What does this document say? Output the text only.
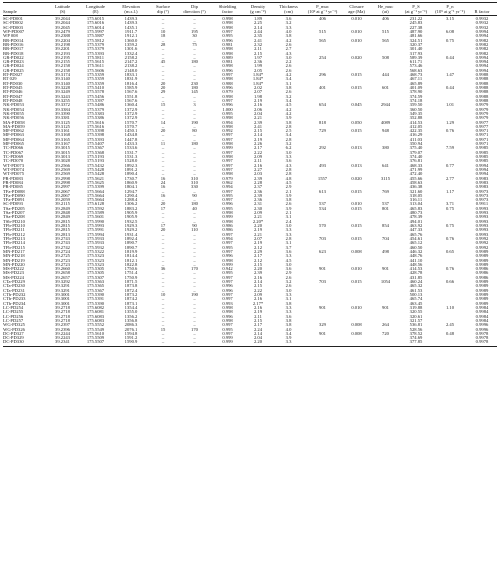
Sample	Latitude	Longitude	Elevation	Surface	Dip	Shielding	Density	Thickness	P_muc	Closure	He_muc	P_S	P_n	R factor
	(S)	(E)	(m.s.l.)	dip (°)	direction (°)	factor	(g cm⁻³)	(cm)	(10² at g⁻¹ yr⁻¹)	age (Ma)	(at)	(at g⁻¹ yr⁻¹)	(10⁵ at g⁻¹ yr⁻¹)	

SC-PD001	39.2044	175.6015	1439.3	–	–	0.998	1.89	3.6	406	0.010	406	231.22	3.15	0.9932
SC-PD002	39.2044	175.6016	1439.3	–	–	0.998	2.25	3.2				245.83		0.9932
SC-PD003	39.2045	175.6014	1435.1	–	–	0.998	2.14	3.3				227.38		0.9932
WP-PD007	39.2479	175.5997	1911.7	10	195	0.997	2.44	4.0	515	0.010	515	487.90	6.08	0.9994
WP 008	39.2388	175.5887	1912.1	18	30	0.995	2.35	3.8				481.66		0.9994
BR-PD014	39.2204	175.5812	1360.0	–	–	0.996	2.41	4.2	565	0.010	565	324.51	0.75	0.9982
BR-PD016	39.2198	175.5379	1359.2	28	75	0.981	2.32	2.6				320.37		0.9982
BR-PD017	39.2201	175.5379	1301.6	–	–	0.998	2.11	2.7				301.40		0.9982
BR-PD018	39.2193	175.5393	1332.4	–	–	0.998	2.15	4.3				317.93		0.9982
GR-PD022	39.2195	175.5811	2158.2	–	–	0.989	1.97	3.0	254	0.020	508	589.39	0.44	0.9994
GR-PD023	39.2155	175.5615	2147.2	45	180	0.981	2.36	2.2				611.71		0.9994
GR-PD024	39.2158	175.5611	2138.2	–	–	0.998	1.99	2.6				573.46		0.9994
GR-PD025	39.2158	175.5606	2148.0	–	–	0.996	2.05	2.6				568.63		0.9994
RT-PD027	39.3174	175.5359	1833.1	–	–	0.997	1.84*	4.2	296	0.015	444	468.73	1.47	0.9988
RT 029	39.3140	175.5359	1831.9	–	–	0.998	1.84*	3.4				467.11		0.9988
RT-PD030	39.3140	175.5359	1816.4	20	230	0.988	1.84*	3.1				465.89		0.9988
RT-PD045	39.3228	175.5410	1585.9	20	180	0.996	2.02	3.8	401	0.015	601	401.09	0.44	0.9988
RT-PD046	39.3249	175.5578	1567.6	29	145	0.979	2.07	2.6				378.90		0.9988
RT-PD047	39.3243	175.5456	1551.8	–	–	0.998	1.98	3.2				374.59		0.9988
RT-PD048	39.3255	175.5397	1567.6	–	–	0.997	2.19	3.4				374.18		0.9988
NK-PD053	39.3372	175.5486	1360.4	15	3	0.996	2.16	4.5	654	0.045	2944	359.50	1.01	0.9979
NK-PD054	39.3384	175.5379	1372.9	–	–	1.000	2.06	4.2				360.50		0.9979
NK-PD055	39.3390	175.5383	1372.9	–	–	0.995	2.04	4.2				349.35		0.9979
NK-PD056	39.3381	175.5386	1372.9	–	–	0.998	2.21	3.9				352.88		0.9979
MA-PD058	39.3125	175.5616	1570.7	14	190	0.994	2.39	3.8	818	0.050	4089	414.53	1.29	0.9977
MA-PD059	39.3125	175.5616	1570.7	–	–	0.998	2.41	2.8				412.05		0.9977
MF-PD062	39.3161	175.5398	1450.1	20	80	0.992	2.15	2.5	729	0.015	948	422.35	0.76	0.9971
MF-PD063	39.3168	175.5398	1434.8	–	–	0.997	2.14	3.4				416.29		0.9971
MF-PD064	39.3165	175.5393	1447.8	–	–	0.997	2.19	2.8				411.03		0.9971
MF-PD065	39.3167	175.5407	1433.3	11	180	0.998	2.26	3.2				350.94		0.9971
TC-PD066	39.3015	175.5367	1533.6	–	–	0.999	2.17	6.2	292	0.013	380	375.40	7.59	0.9985
TC-PD067	39.3015	175.5368	1531.7	–	–	0.997	2.22	3.0				379.07		0.9985
TC-PD069	39.3013	175.5193	1531.3	–	–	0.998	2.09	3.3				374.40		0.9985
TC-PD070	39.3028	175.5193	1528.0	–	–	0.997	2.11	3.6				376.81		0.9985
WT-PD073	39.2566	175.5432	1892.3	–	–	0.997	2.16	4.3	493	0.013	641	468.33	0.77	0.9994
WT-PD074	39.2569	175.5428	1891.2	–	–	0.997	2.27	2.8				471.99		0.9994
WT-PD075	39.2569	175.5428	1890.4	–	–	0.998	2.03	2.8				472.40		0.9994
PR-PD083	39.2998	175.5621	1730.7	16	310	0.979	2.39	4.8	1557	0.020	3115	455.66	2.77	0.9983
PR-PD084	39.2998	175.5625	1860.9	24	310	0.962	2.28	4.5				458.63		0.9983
PR-PD085	39.2997	175.5399	1804.1	16	330	0.994	2.37	2.9				436.38		0.9983
TFa-PD088	39.2067	175.5664	1294.7	–	–	0.997	2.36	2.1	613	0.015	769	321.60	1.17	0.9973
TFa-PD090	39.2067	175.5664	1290.4	16	90	0.995	2.39	3.9				318.05		0.9973
TFa-PD091	39.2059	175.5664	1288.4	–	–	0.997	2.36	3.8				316.11		0.9973
SC-PD093	39.2115	175.6128	1306.2	20	180	0.996	2.31	2.6	537	0.010	537	313.04	3.71	0.9911
TSa-PD205	39.2849	175.5592	1883.2	17	40	0.995	2.30	3.9	534	0.015	801	465.83	0.75	0.9993
TSa-PD207	39.2848	175.5589	1905.9	–	–	0.998	2.09	2.1				480.73		0.9993
TSa-PD208	39.2849	175.5601	1905.9	–	–	0.999	2.21	3.1				478.39		0.9993
TSb-PD210	39.2815	175.5990	1932.5	–	–	0.998	2.20*	2.4				494.01		0.9993
TFb-PD210	39.2815	175.5993	1929.3	17	90	0.986	2.20	3.0	570	0.015	854	463.92	0.75	0.9993
TFb-PD211	39.2815	175.5991	1929.2	20	110	0.986	2.19	3.3				447.33		0.9993
TFb-PD212	39.2813	175.5994	1931.4	–	–	0.997	2.21	3.3				465.76		0.9993
TFb-PD213	39.2743	175.5933	1892.4	–	–	0.994	2.07	2.8	703	0.015	704	454.61	0.76	0.9992
TFb-PD214	39.2743	175.5933	1890.7	–	–	0.997	2.19	3.1				465.12		0.9992
TFb-PD215	39.2742	175.5932	1890.7	–	–	0.995	2.12	3.7				460.50		0.9992
MN-PD217	39.2724	175.5322	1819.9	–	–	0.997	2.29	3.6	623	0.008	498	446.32	0.65	0.9989
MN-PD218	39.2725	175.5323	1814.4	–	–	0.996	2.17	3.3				448.76		0.9989
MN-PD219	39.2723	175.5323	1812.1	–	–	0.998	2.12	4.5				441.10		0.9989
MN-PD220	39.2723	175.5323	1822.8	–	–	0.999	2.15	3.0				448.56		0.9989
MS-PD222	39.2660	175.5305	1750.6	36	170	0.942	2.20	3.6	901	0.010	901	414.53	0.76	0.9986
MS-PD223	39.2658	175.5305	1751.4	–	–	0.995	2.39	2.9				428.78		0.9986
MS-PD224	39.2657	175.5307	1750.9	–	–	0.997	2.16	2.6				431.85		0.9986
CTa-PD229	39.3292	175.5363	1871.5	–	–	0.997	2.14	3.2	703	0.015	1054	460.24	0.66	0.9989
CTa-PD230	39.3291	175.5365	1873.8	–	–	0.996	2.15	2.6				465.32		0.9989
CTa-PD231	39.3291	175.5367	1872.4	–	–	0.996	2.22	3.0				461.53		0.9989
CTb-PD232	39.3001	175.5390	1873.2	10	190	0.997	2.09	3.3				500.13		0.9989
CTb-PD233	39.3001	175.5391	1874.2	–	–	0.997	2.16	3.1				465.74		0.9989
CTb-PD234	39.3001	175.5390	1873.1	–	–	0.993	2.17*	3.8				463.45		0.9989
LC-PD254	39.2718	175.6082	1354.4	–	–	0.998	2.16	3.3	901	0.010	901	319.88	1.10	0.9984
LC-PD255	39.2718	175.6081	1355.0	–	–	0.998	2.19	3.3				320.55		0.9984
LC-PD256	39.2718	175.6083	1356.2	–	–	0.996	2.11	3.6				320.61		0.9984
LC-PD257	39.2718	175.6083	1356.8	–	–	0.998	2.15	3.8				321.57		0.9984
WG-PD325	39.2397	175.5552	2086.3	–	–	0.997	2.17	3.8	329	0.008	264	536.81	2.45	0.9996
WG-PD326	39.2396	175.5549	2076.1	15	170	0.995	2.24	4.0				528.56		0.9996
DC-PD327	39.2244	175.5610	1594.8	–	–	0.997	2.14	3.4	901	0.008	720	378.52	0.48	0.9978
DC-PD329	39.2243	175.5509	1591.2	–	–	0.999	2.04	3.9				374.69		0.9978
DC-PD330	39.2341	175.5507	1590.9	–	–	0.999	2.20	3.3				377.85		0.9978
